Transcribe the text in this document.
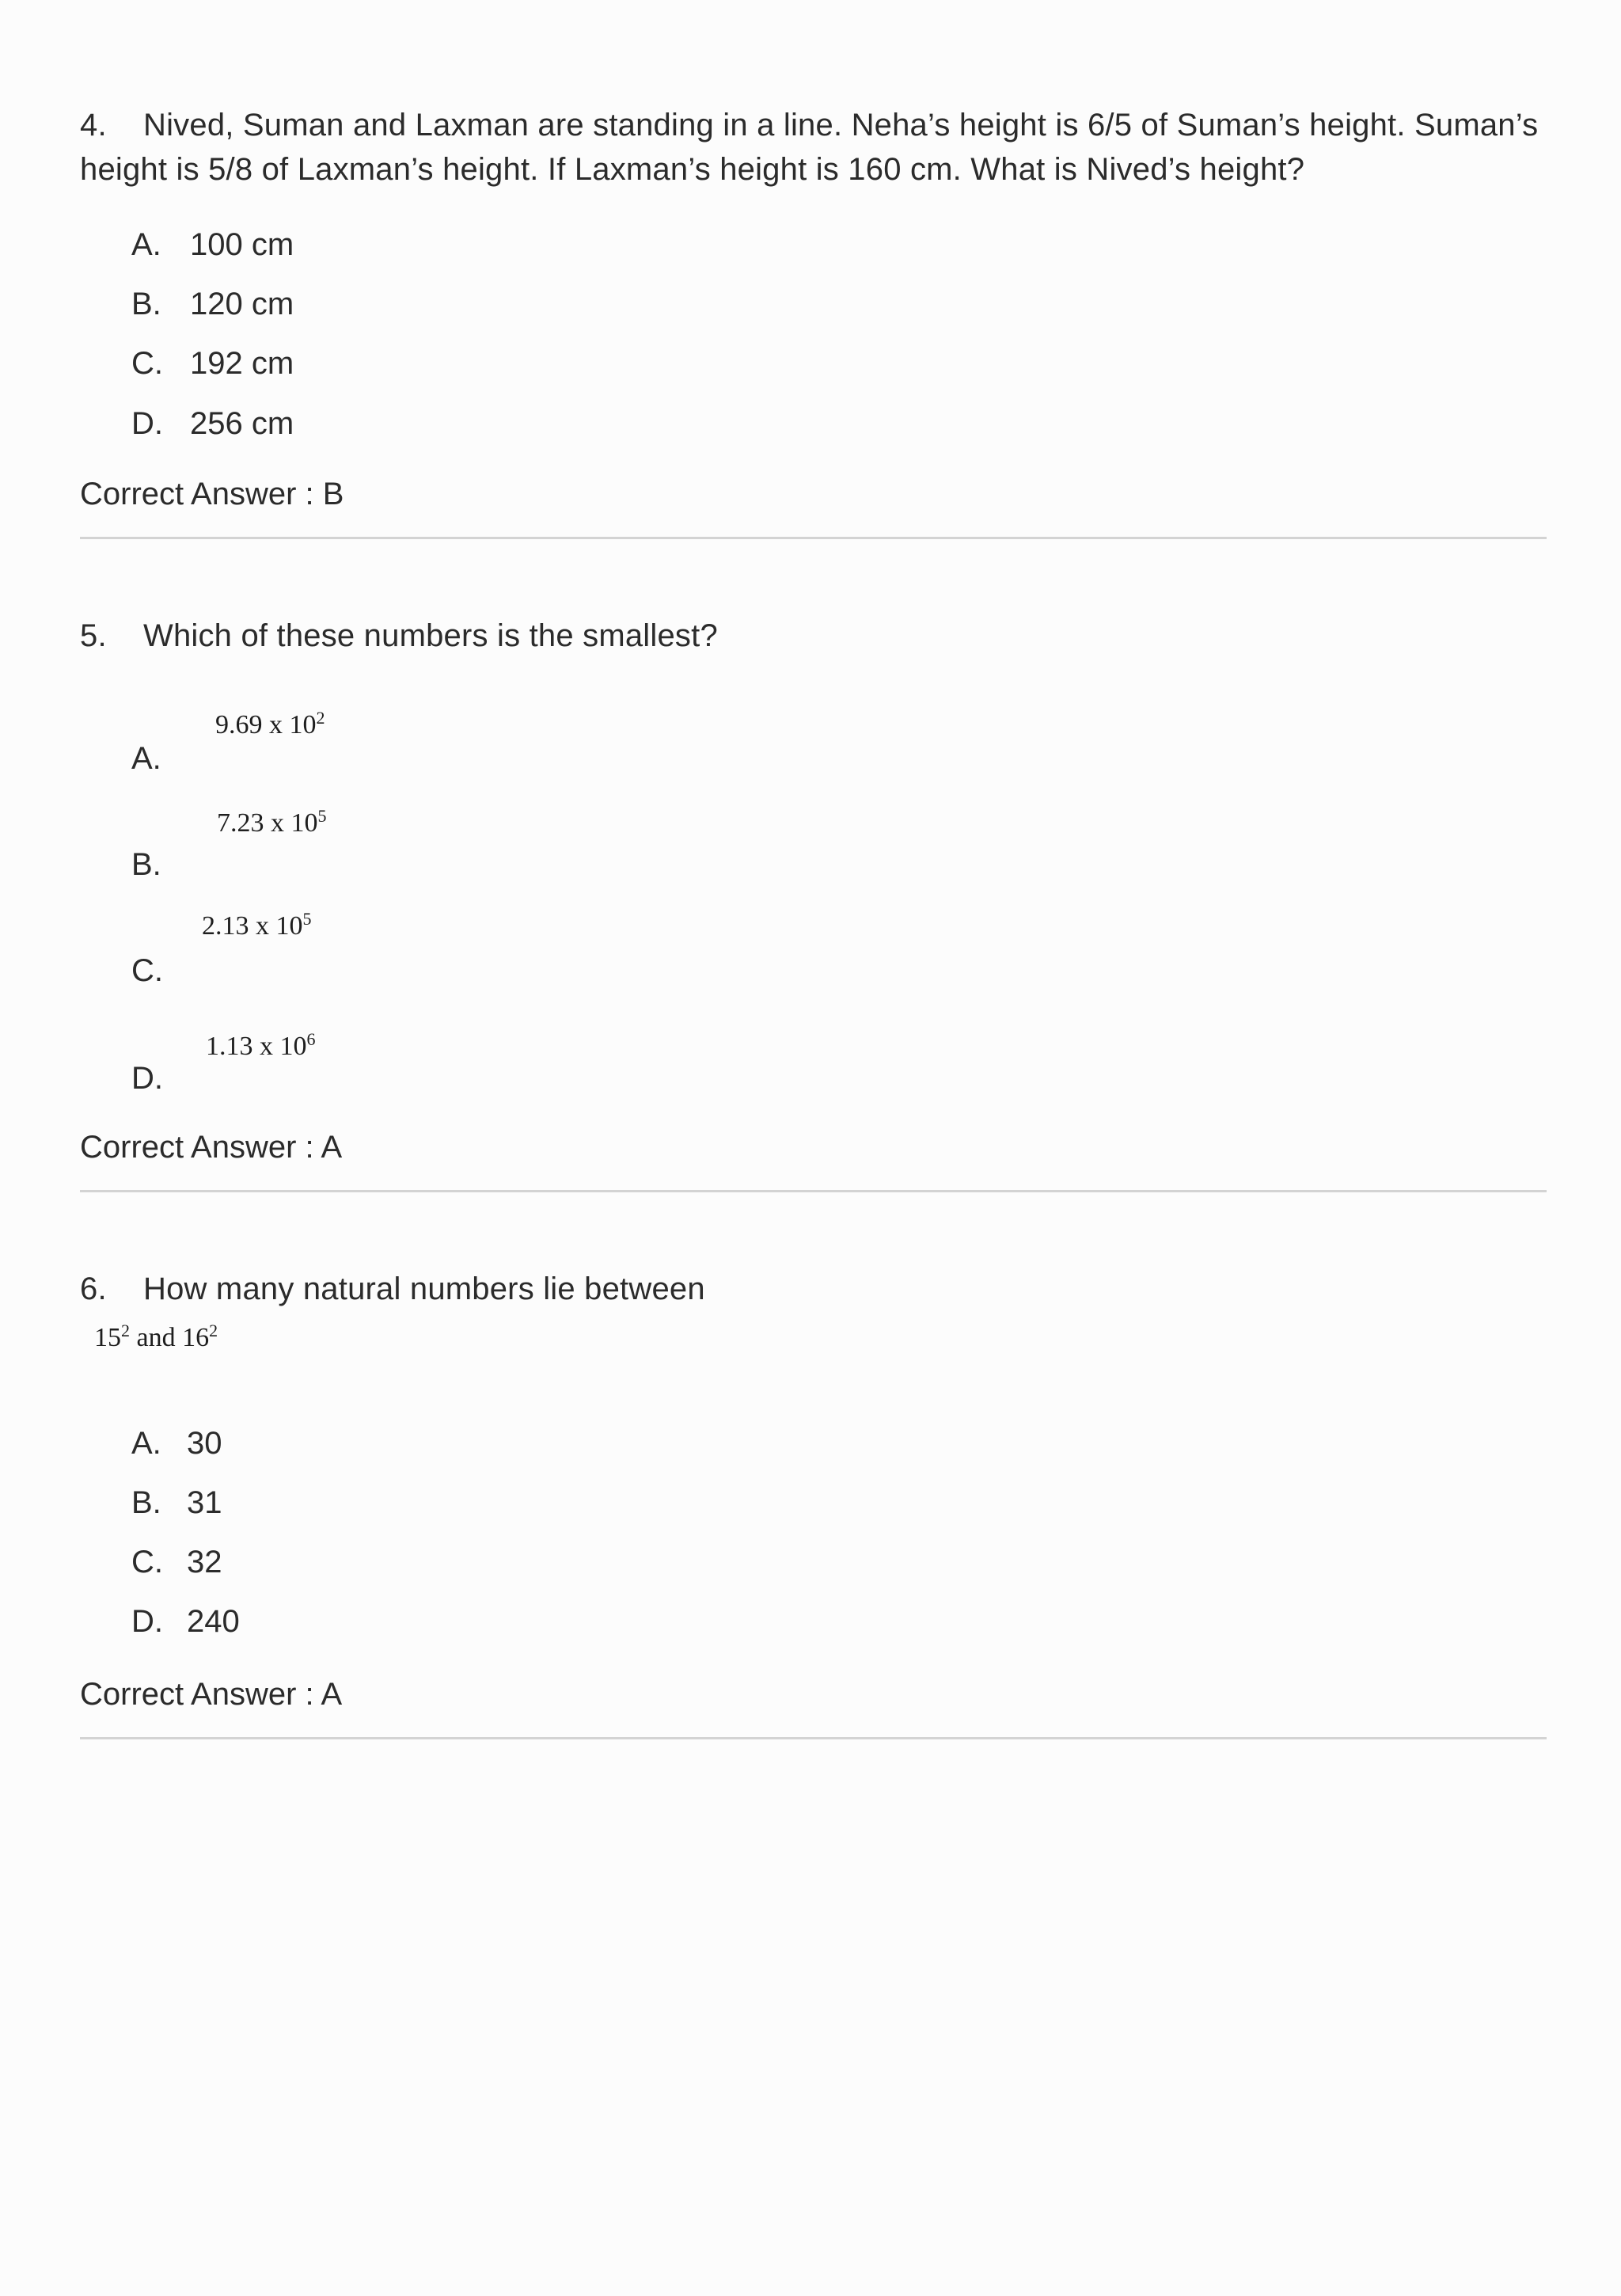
4. Nived, Suman and Laxman are standing in a line. Neha’s height is 6/5 of Suman’s height. Suman’s
height is 5/8 of Laxman’s height. If Laxman’s height is 160 cm. What is Nived’s height?
A. 100 cm
B. 120 cm
C. 192 cm
D. 256 cm
Correct Answer : B
5. Which of these numbers is the smallest?
9.69 x $10^2$
A.
7.23 x $10^5$
B.
2.13 x $10^5$
C.
1.13 x $10^6$
D.
Correct Answer : A
6. How many natural numbers lie between
$15^2$ and $16^2$
A. 30
B. 31
C. 32
D. 240
Correct Answer : A
